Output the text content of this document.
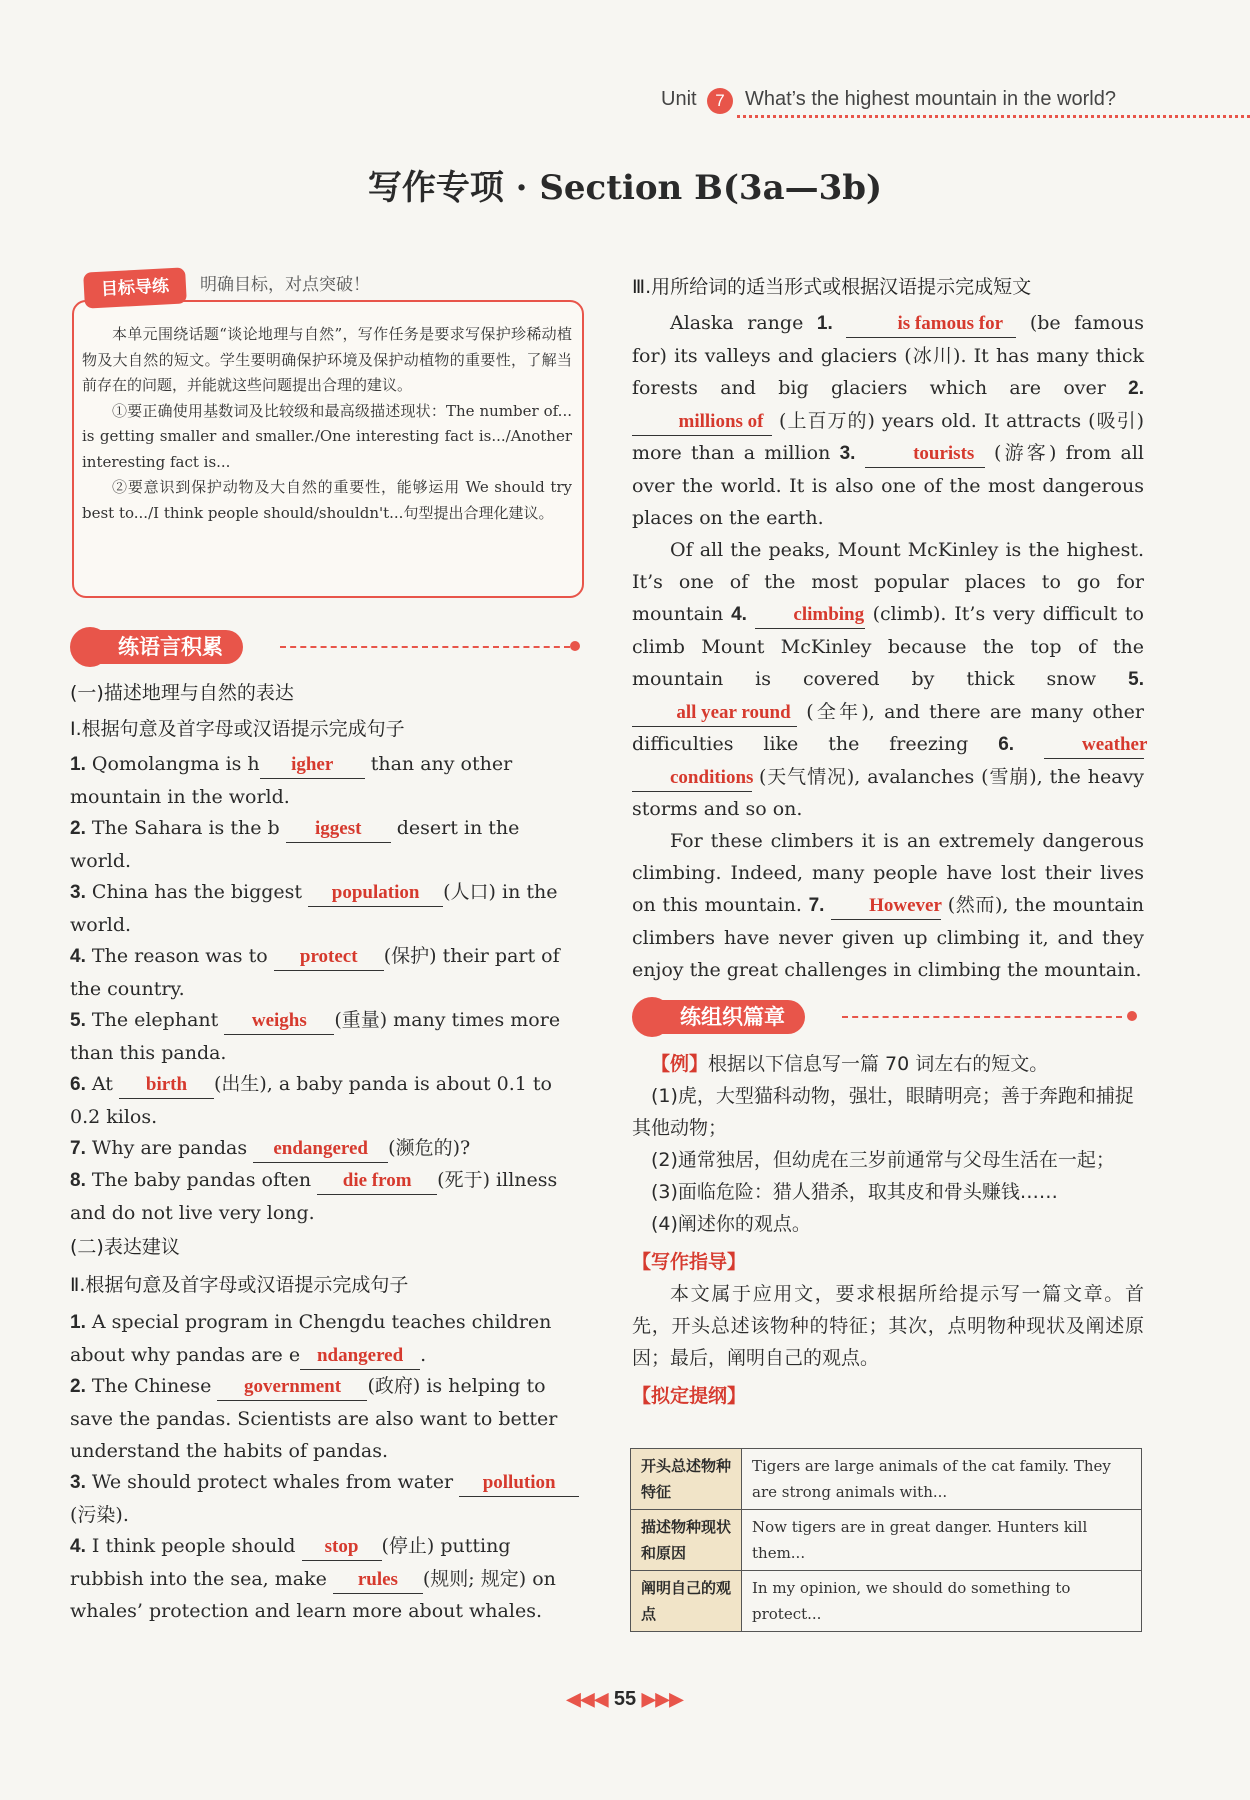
Unit	7	What’s the highest mountain in the world?
写作专项 · Section B(3a—3b)
目标导练	明确目标，对点突破！

本单元围绕话题“谈论地理与自然”，写作任务是要求写保护珍稀动植物及大自然的短文。学生要明确保护环境及保护动植物的重要性，了解当前存在的问题，并能就这些问题提出合理的建议。

①要正确使用基数词及比较级和最高级描述现状：The number of... is getting smaller and smaller./One interesting fact is.../Another interesting fact is...

②要意识到保护动物及大自然的重要性，能够运用 We should try best to.../I think people should/shouldn't...句型提出合理化建议。

练语言积累
(一)描述地理与自然的表达
Ⅰ.根据句意及首字母或汉语提示完成句子
1. Qomolangma is h igher than any other mountain in the world.
2. The Sahara is the b iggest desert in the world.
3. China has the biggest population (人口) in the world.
4. The reason was to protect (保护) their part of the country.
5. The elephant weighs (重量) many times more than this panda.
6. At birth (出生), a baby panda is about 0.1 to 0.2 kilos.
7. Why are pandas endangered (濒危的)?
8. The baby pandas often die from (死于) illness and do not live very long.
(二)表达建议
Ⅱ.根据句意及首字母或汉语提示完成句子
1. A special program in Chengdu teaches children about why pandas are e ndangered .
2. The Chinese government (政府) is helping to save the pandas. Scientists are also want to better understand the habits of pandas.
3. We should protect whales from water pollution (污染).
4. I think people should stop (停止) putting rubbish into the sea, make rules (规则; 规定) on whales’ protection and learn more about whales.
Ⅲ.用所给词的适当形式或根据汉语提示完成短文

Alaska range 1.	is famous for (be famous for) its valleys and glaciers (冰川). It has many thick forests and big glaciers which are over 2. millions of (上百万的) years old. It attracts (吸引) more than a million 3.	tourists (游客) from all over the world. It is also one of the most dangerous places on the earth.

Of all the peaks, Mount McKinley is the highest. It’s one of the most popular places to go for mountain 4. climbing (climb). It’s very difficult to climb Mount McKinley because the top of the mountain is covered by thick snow 5. all year round (全年), and there are many other difficulties like the freezing 6.	weather conditions (天气情况), avalanches (雪崩), the heavy storms and so on.

For these climbers it is an extremely dangerous climbing. Indeed, many people have lost their lives on this mountain. 7. However (然而), the mountain climbers have never given up climbing it, and they enjoy the great challenges in climbing the mountain.

练组织篇章

【例】根据以下信息写一篇 70 词左右的短文。

(1)虎，大型猫科动物，强壮，眼睛明亮；善于奔跑和捕捉其他动物；

(2)通常独居，但幼虎在三岁前通常与父母生活在一起；

(3)面临危险：猎人猎杀，取其皮和骨头赚钱……

(4)阐述你的观点。

【写作指导】

本文属于应用文，要求根据所给提示写一篇文章。首先，开头总述该物种的特征；其次，点明物种现状及阐述原因；最后，阐明自己的观点。

【拟定提纲】

开头总述物种特征	Tigers are large animals of the cat family. They are strong animals with...
描述物种现状和原因	Now tigers are in great danger. Hunters kill them...
阐明自己的观点	In my opinion, we should do something to protect...
◀◀◀ 55 ▶▶▶
